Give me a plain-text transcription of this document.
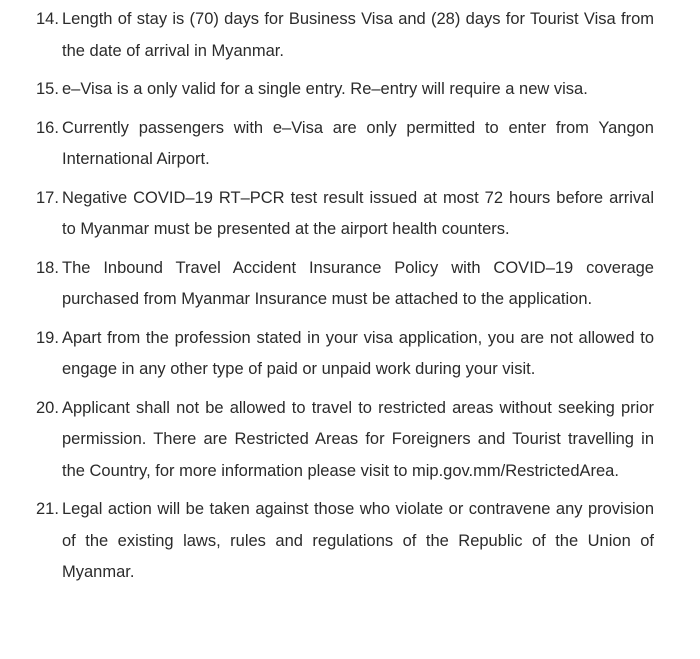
14. Length of stay is (70) days for Business Visa and (28) days for Tourist Visa from the date of arrival in Myanmar.
15. e–Visa is a only valid for a single entry. Re–entry will require a new visa.
16. Currently passengers with e–Visa are only permitted to enter from Yangon International Airport.
17. Negative COVID–19 RT–PCR test result issued at most 72 hours before arrival to Myanmar must be presented at the airport health counters.
18. The Inbound Travel Accident Insurance Policy with COVID–19 coverage purchased from Myanmar Insurance must be attached to the application.
19. Apart from the profession stated in your visa application, you are not allowed to engage in any other type of paid or unpaid work during your visit.
20. Applicant shall not be allowed to travel to restricted areas without seeking prior permission. There are Restricted Areas for Foreigners and Tourist travelling in the Country, for more information please visit to mip.gov.mm/RestrictedArea.
21. Legal action will be taken against those who violate or contravene any provision of the existing laws, rules and regulations of the Republic of the Union of Myanmar.
